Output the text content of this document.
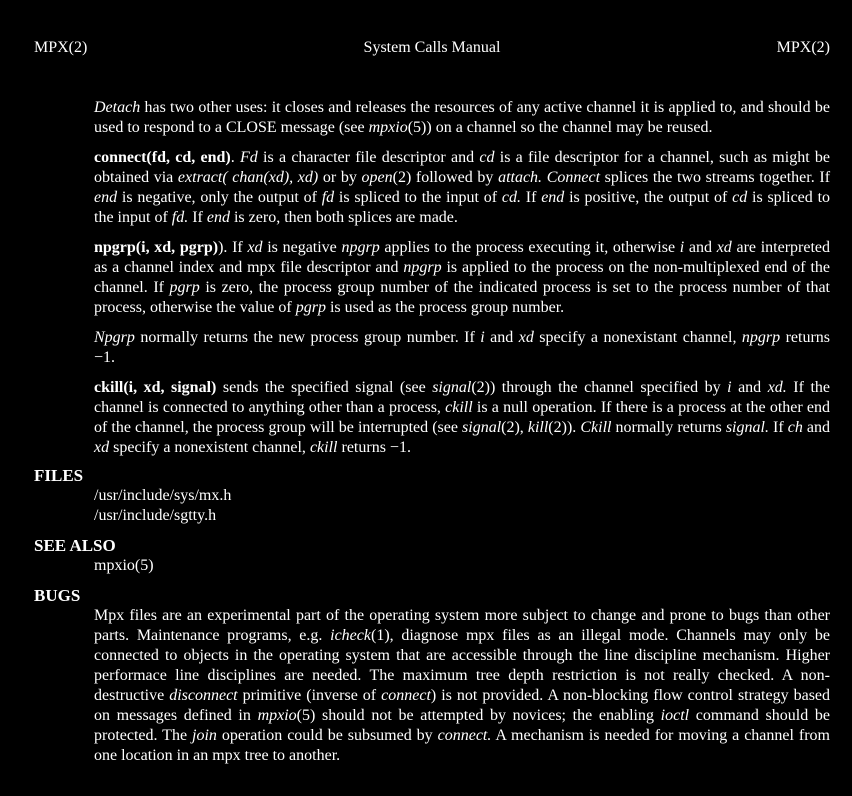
MPX(2)	System Calls Manual	MPX(2)

Detach has two other uses: it closes and releases the resources of any active channel it is applied to, and should be used to respond to a CLOSE message (see mpxio(5)) on a channel so the channel may be reused.

connect(fd, cd, end). Fd is a character file descriptor and cd is a file descriptor for a channel, such as might be obtained via extract( chan(xd), xd) or by open(2) followed by attach. Connect splices the two streams together. If end is negative, only the output of fd is spliced to the input of cd. If end is positive, the output of cd is spliced to the input of fd. If end is zero, then both splices are made.

npgrp(i, xd, pgrp)). If xd is negative npgrp applies to the process executing it, otherwise i and xd are interpreted as a channel index and mpx file descriptor and npgrp is applied to the process on the non-multiplexed end of the channel. If pgrp is zero, the process group number of the indicated process is set to the process number of that process, otherwise the value of pgrp is used as the process group number.

Npgrp normally returns the new process group number. If i and xd specify a nonexistant channel, npgrp returns −1.

ckill(i, xd, signal) sends the specified signal (see signal(2)) through the channel specified by i and xd. If the channel is connected to anything other than a process, ckill is a null operation. If there is a process at the other end of the channel, the process group will be interrupted (see signal(2), kill(2)). Ckill normally returns signal. If ch and xd specify a nonexistent channel, ckill returns −1.

FILES
/usr/include/sys/mx.h
/usr/include/sgtty.h
SEE ALSO
mpxio(5)
BUGS

Mpx files are an experimental part of the operating system more subject to change and prone to bugs than other parts. Maintenance programs, e.g. icheck(1), diagnose mpx files as an illegal mode. Channels may only be connected to objects in the operating system that are accessible through the line discipline mechanism. Higher performace line disciplines are needed. The maximum tree depth restriction is not really checked. A non-destructive disconnect primitive (inverse of connect) is not provided. A non-blocking flow control strategy based on messages defined in mpxio(5) should not be attempted by novices; the enabling ioctl command should be protected. The join operation could be subsumed by connect. A mechanism is needed for moving a channel from one location in an mpx tree to another.
